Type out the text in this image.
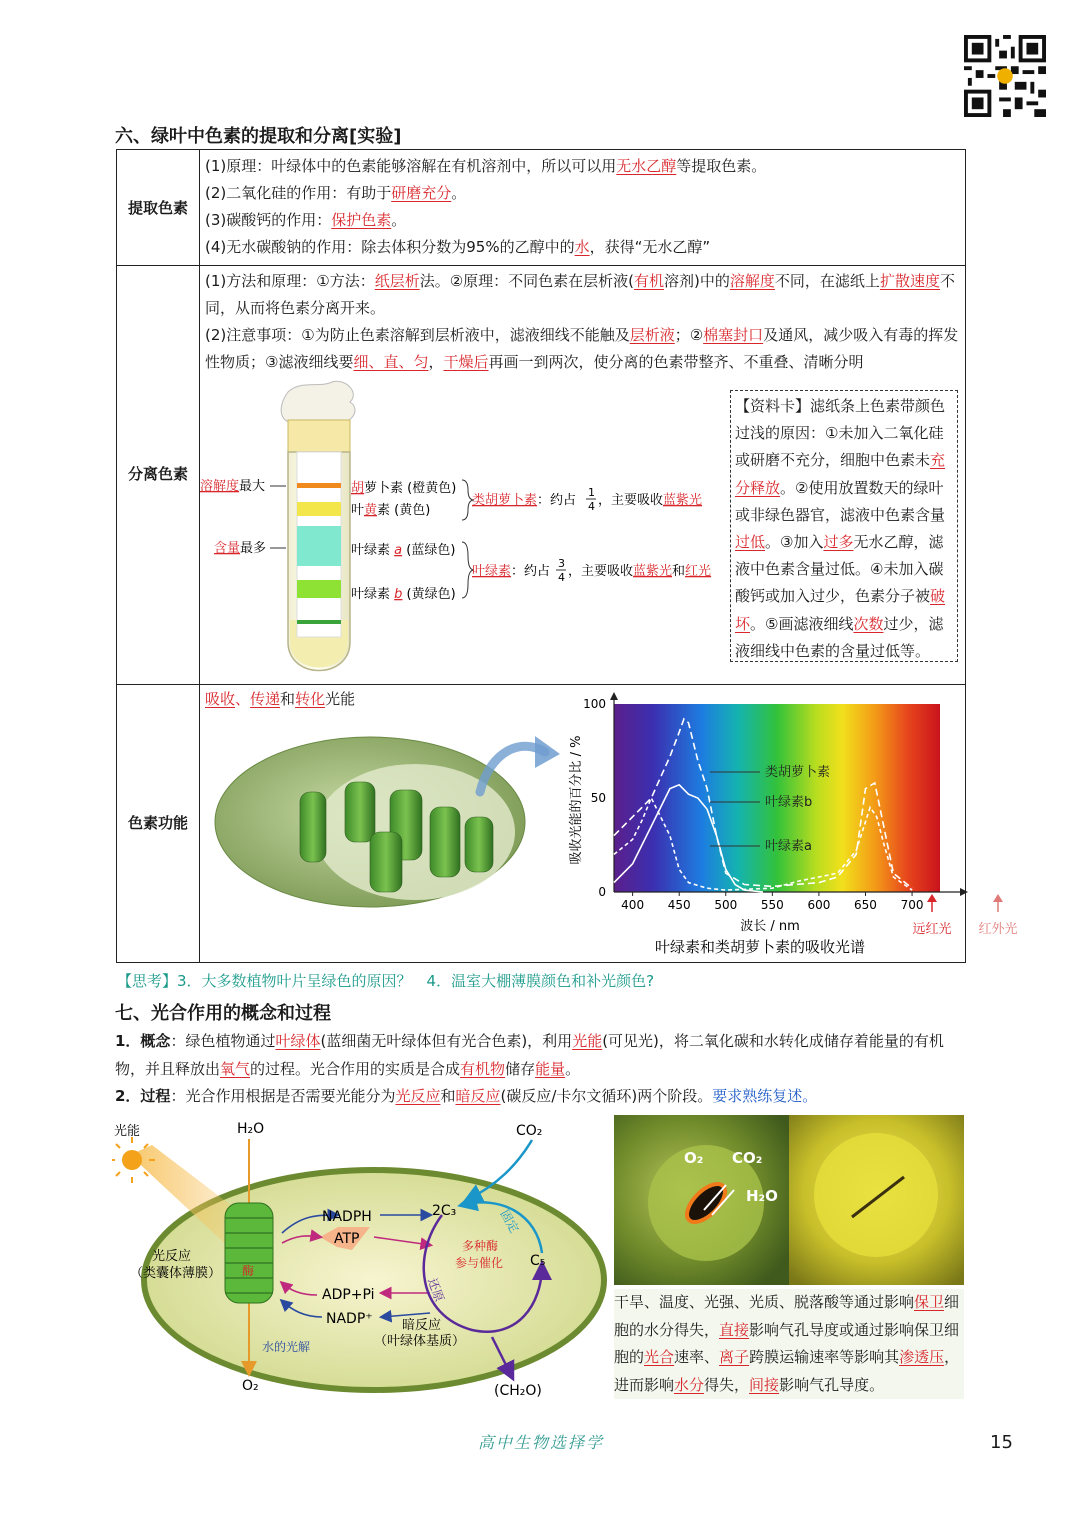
六、绿叶中色素的提取和分离[实验]
提取色素
(1)原理：叶绿体中的色素能够溶解在有机溶剂中，所以可以用无水乙醇等提取色素。
(2)二氧化硅的作用：有助于研磨充分。
(3)碳酸钙的作用：保护色素。
(4)无水碳酸钠的作用：除去体积分数为95%的乙醇中的水，获得“无水乙醇”
分离色素
(1)方法和原理：①方法：纸层析法。②原理：不同色素在层析液(有机溶剂)中的溶解度不同，在滤纸上扩散速度不同，从而将色素分离开来。
(2)注意事项：①为防止色素溶解到层析液中，滤液细线不能触及层析液；②棉塞封口及通风，减少吸入有毒的挥发性物质；③滤液细线要细、直、匀，干燥后再画一到两次，使分离的色素带整齐、不重叠、清晰分明
色素功能
吸收、传递和转化光能
溶解度最大
含量最多
胡萝卜素 (橙黄色)
叶黄素 (黄色)
类胡萝卜素：约占
1
4 ，主要吸收蓝紫光
叶绿素 a (蓝绿色)
叶绿素 b (黄绿色)
叶绿素：约占
3
4 ，主要吸收蓝紫光和红光
【资料卡】滤纸条上色素带颜色过浅的原因：①未加入二氧化硅或研磨不充分，细胞中色素未充分释放。②使用放置数天的绿叶或非绿色器官，滤液中色素含量过低。③加入过多无水乙醇，滤液中色素含量过低。④未加入碳酸钙或加入过少，色素分子被破坏。⑤画滤液细线次数过少，滤液细线中色素的含量过低等。
类胡萝卜素
叶绿素b
叶绿素a
400 450 500 550 600 650 700
0
50
100
吸收光能的百分比 / %
波长 / nm
叶绿素和类胡萝卜素的吸收光谱
远红光 红外光
【思考】3．大多数植物叶片呈绿色的原因？　4．温室大棚薄膜颜色和补光颜色?
七、光合作用的概念和过程
1．概念：绿色植物通过叶绿体(蓝细菌无叶绿体但有光合色素)，利用光能(可见光)，将二氧化碳和水转化成储存着能量的有机物，并且释放出氧气的过程。光合作用的实质是合成有机物储存能量。
2．过程：光合作用根据是否需要光能分为光反应和暗反应(碳反应/卡尔文循环)两个阶段。要求熟练复述。
光能	H₂O
酶
光反应
（类囊体薄膜）
水的光解
O₂
NADPH
ATP
ADP+Pi
NADP⁺
CO₂
2C₃
C₅
固定
还原
多种酶
参与催化
暗反应
（叶绿体基质）
(CH₂O)
O₂ CO₂
H₂O
干旱、温度、光强、光质、脱落酸等通过影响保卫细胞的水分得失，直接影响气孔导度或通过影响保卫细胞的光合速率、离子跨膜运输速率等影响其渗透压，进而影响水分得失，间接影响气孔导度。
高中生物选择学	15
